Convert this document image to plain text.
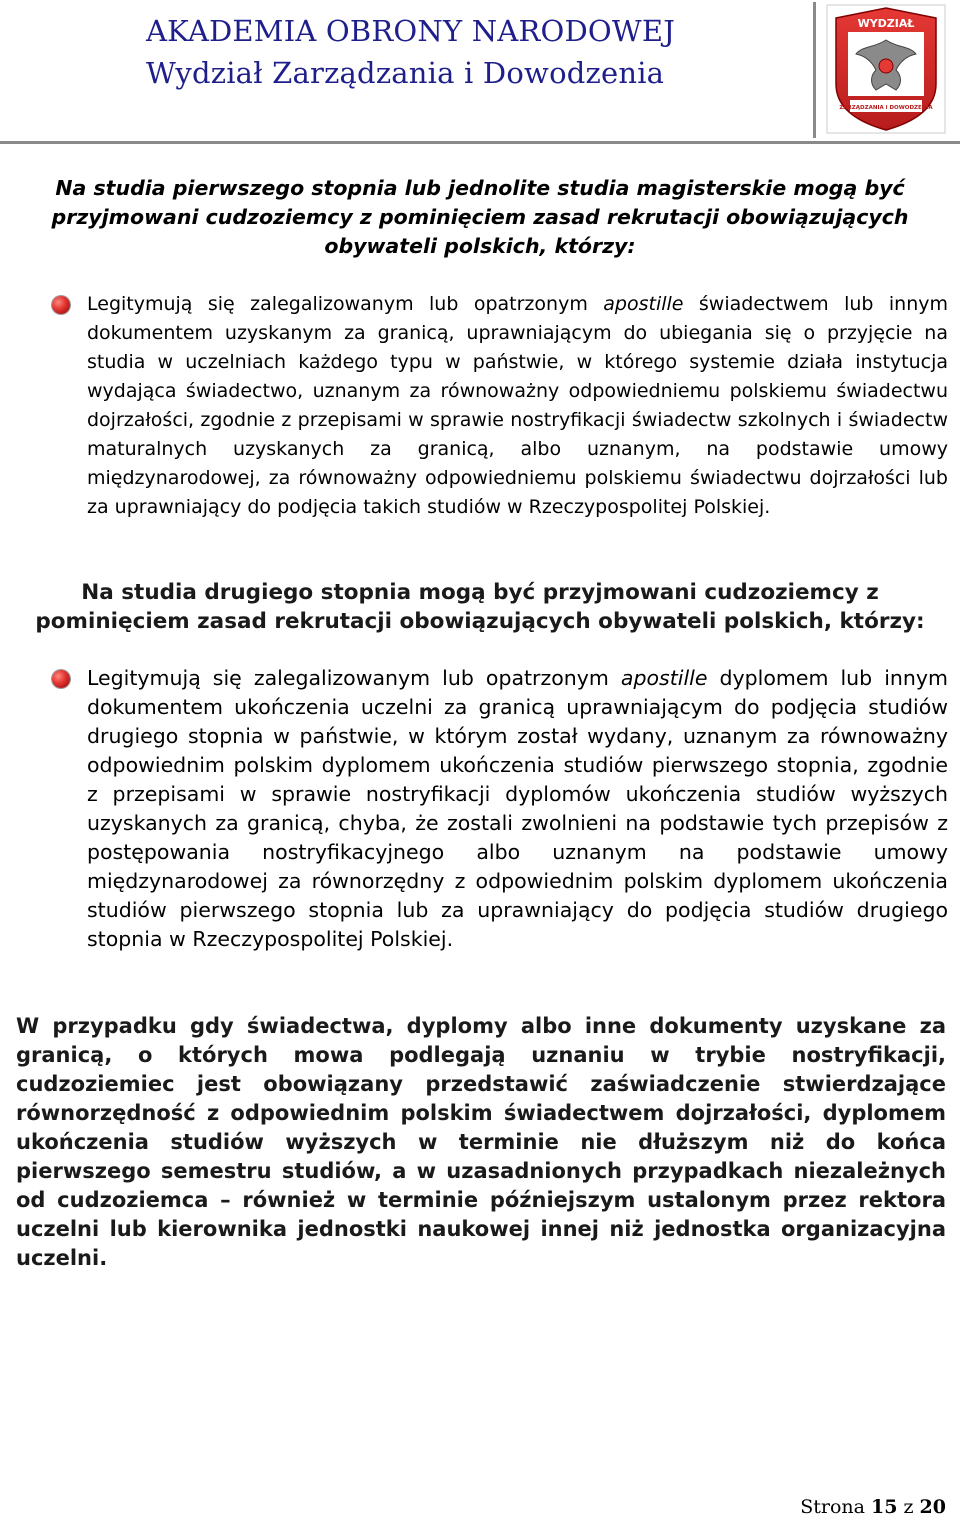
AKADEMIA OBRONY NARODOWEJ
Wydział Zarządzania i Dowodzenia
WYDZIAŁ
ZARZĄDZANIA i DOWODZENIA
Na studia pierwszego stopnia lub jednolite studia magisterskie mogą być przyjmowani cudzoziemcy z pominięciem zasad rekrutacji obowiązujących obywateli polskich, którzy:
Legitymują się zalegalizowanym lub opatrzonym apostille świadectwem lub innym dokumentem uzyskanym za granicą, uprawniającym do ubiegania się o przyjęcie na studia w uczelniach każdego typu w państwie, w którego systemie działa instytucja wydająca świadectwo, uznanym za równoważny odpowiedniemu polskiemu świadectwu dojrzałości, zgodnie z przepisami w sprawie nostryfikacji świadectw szkolnych i świadectw maturalnych uzyskanych za granicą, albo uznanym, na podstawie umowy międzynarodowej, za równoważny odpowiedniemu polskiemu świadectwu dojrzałości lub za uprawniający do podjęcia takich studiów w Rzeczypospolitej Polskiej.
Na studia drugiego stopnia mogą być przyjmowani cudzoziemcy z
pominięciem zasad rekrutacji obowiązujących obywateli polskich, którzy:
Legitymują się zalegalizowanym lub opatrzonym apostille dyplomem lub innym dokumentem ukończenia uczelni za granicą uprawniającym do podjęcia studiów drugiego stopnia w państwie, w którym został wydany, uznanym za równoważny odpowiednim polskim dyplomem ukończenia studiów pierwszego stopnia, zgodnie z przepisami w sprawie nostryfikacji dyplomów ukończenia studiów wyższych uzyskanych za granicą, chyba, że zostali zwolnieni na podstawie tych przepisów z postępowania nostryfikacyjnego albo uznanym na podstawie umowy międzynarodowej za równorzędny z odpowiednim polskim dyplomem ukończenia studiów pierwszego stopnia lub za uprawniający do podjęcia studiów drugiego stopnia w Rzeczypospolitej Polskiej.
W przypadku gdy świadectwa, dyplomy albo inne dokumenty uzyskane za granicą, o których mowa podlegają uznaniu w trybie nostryfikacji, cudzoziemiec jest obowiązany przedstawić zaświadczenie stwierdzające równorzędność z odpowiednim polskim świadectwem dojrzałości, dyplomem ukończenia studiów wyższych w terminie nie dłuższym niż do końca pierwszego semestru studiów, a w uzasadnionych przypadkach niezależnych od cudzoziemca – również w terminie późniejszym ustalonym przez rektora uczelni lub kierownika jednostki naukowej innej niż jednostka organizacyjna uczelni.
Strona 15 z 20
